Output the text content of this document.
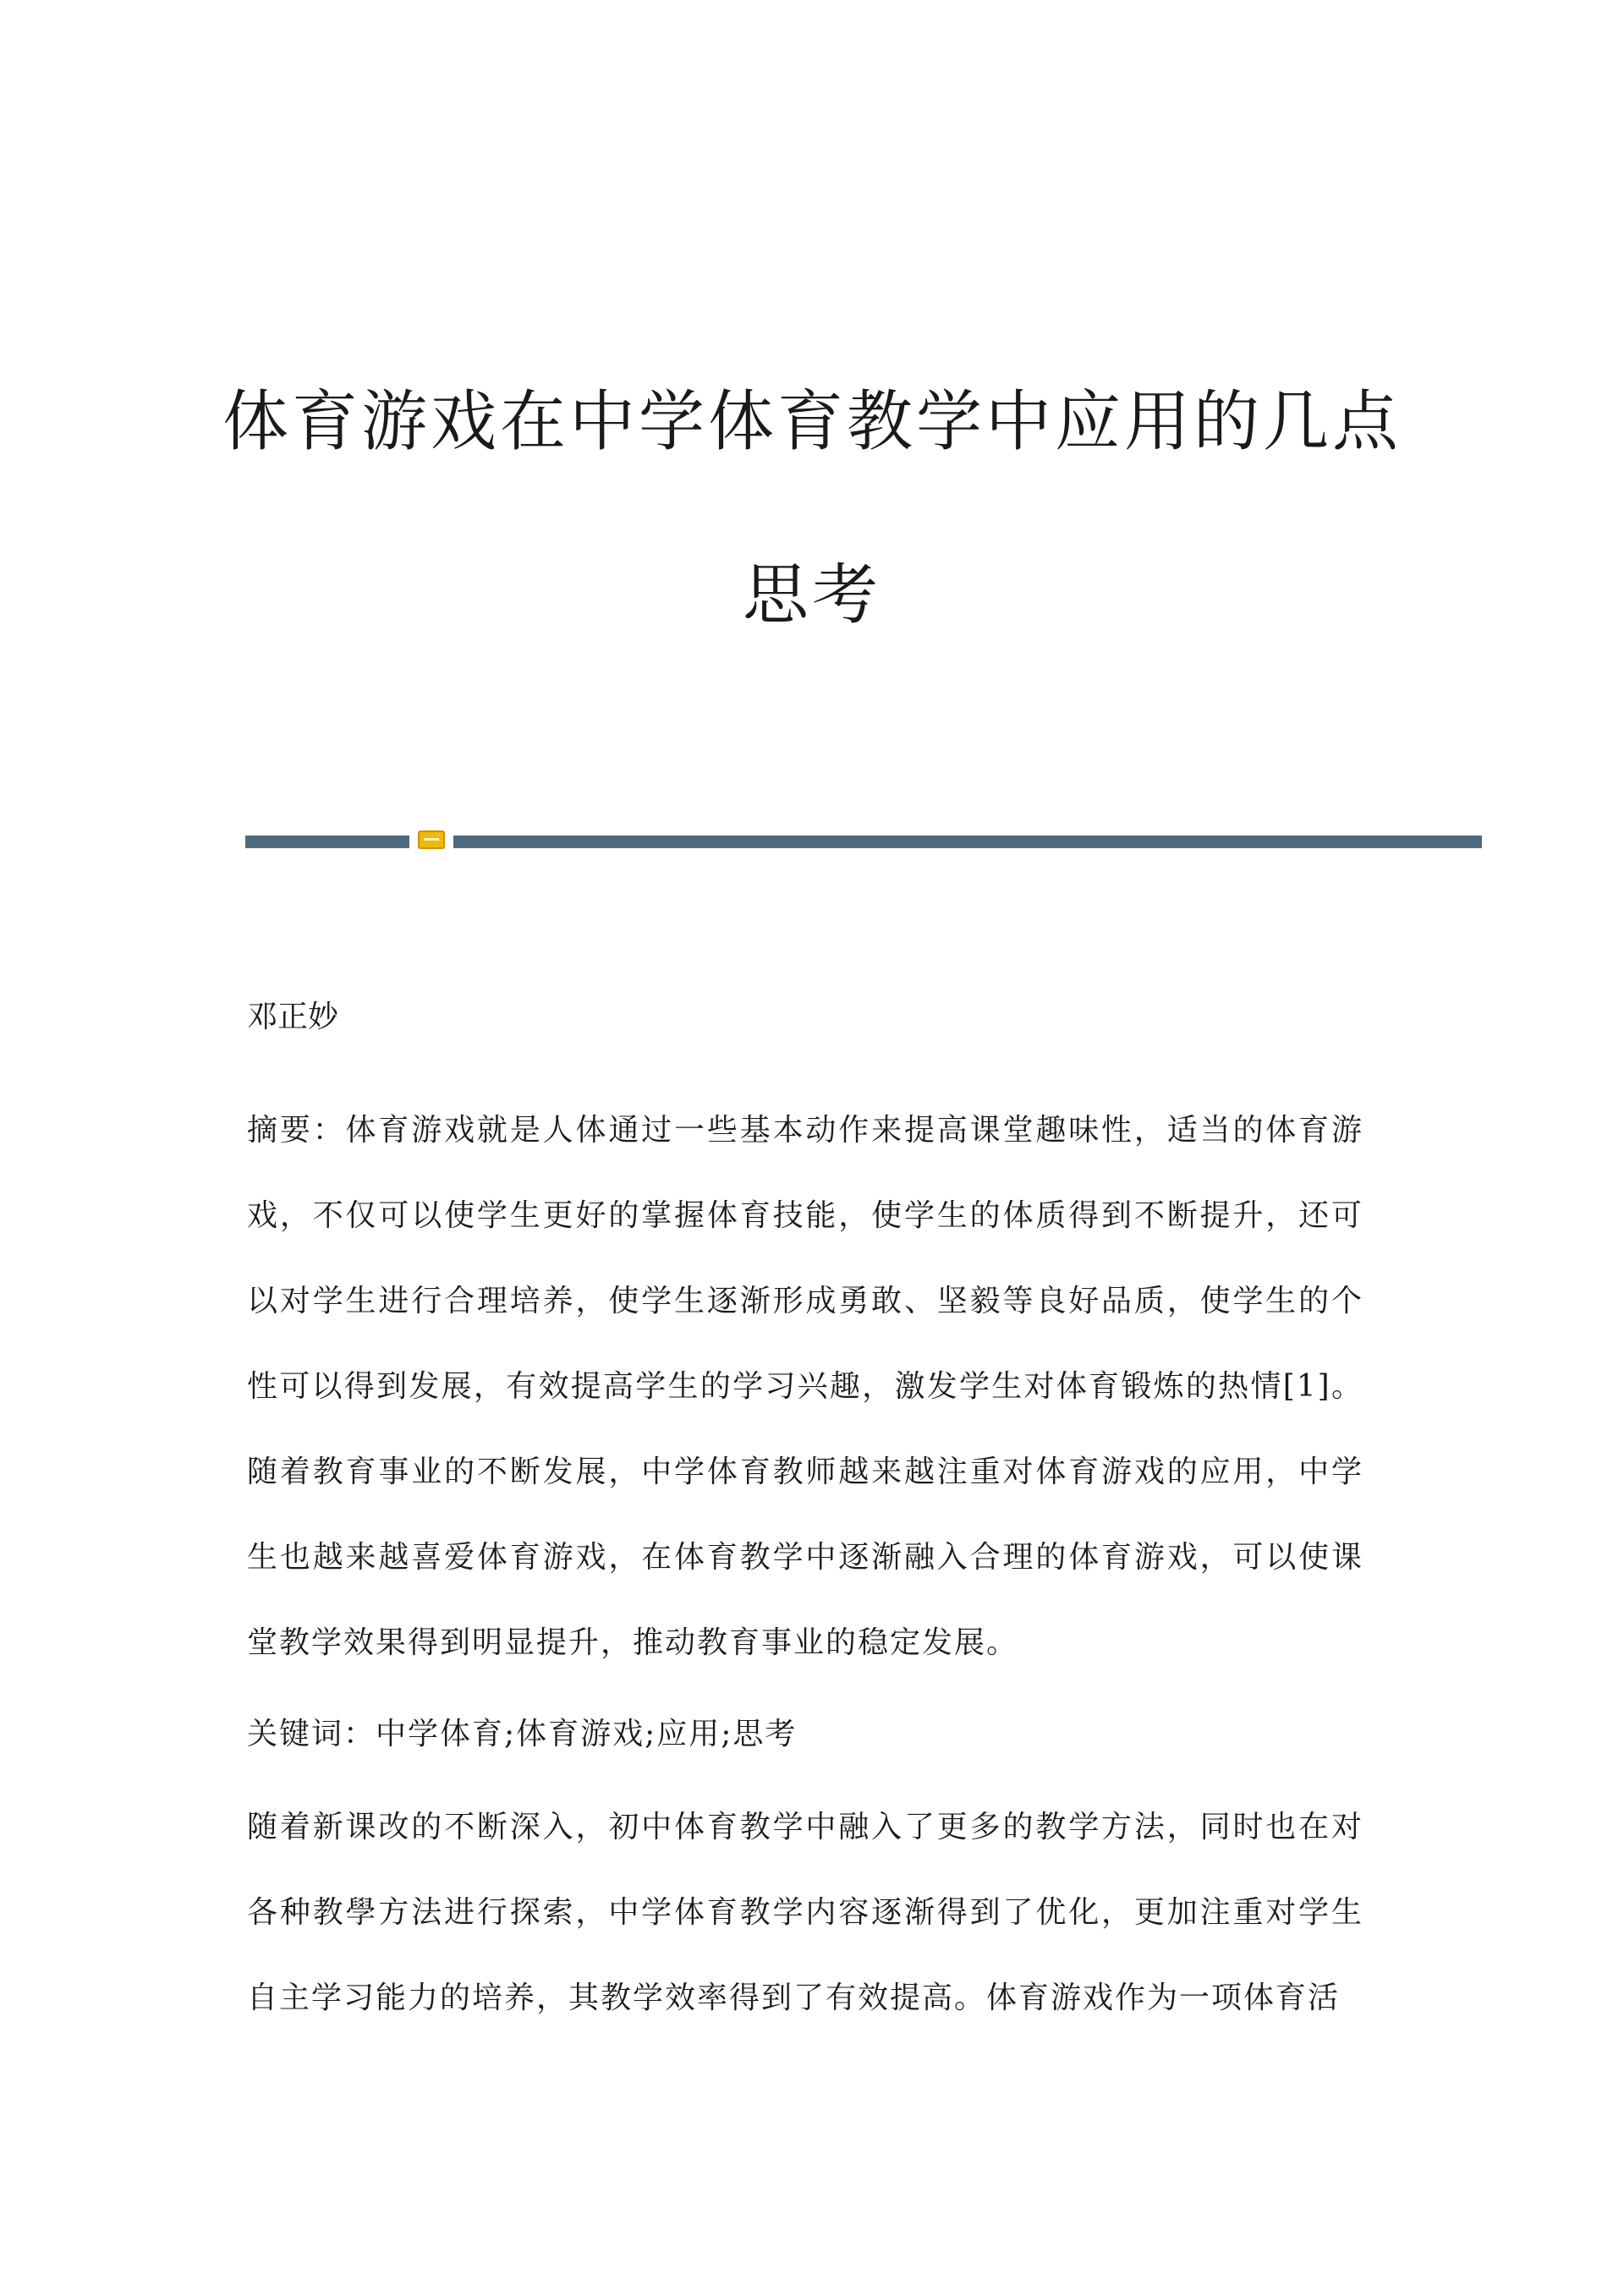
体育游戏在中学体育教学中应用的几点
思考

邓正妙

摘要：体育游戏就是人体通过一些基本动作来提高课堂趣味性，适当的体育游戏，不仅可以使学生更好的掌握体育技能，使学生的体质得到不断提升，还可以对学生进行合理培养，使学生逐渐形成勇敢、坚毅等良好品质，使学生的个性可以得到发展，有效提高学生的学习兴趣，激发学生对体育锻炼的热情[1]。随着教育事业的不断发展，中学体育教师越来越注重对体育游戏的应用，中学生也越来越喜爱体育游戏，在体育教学中逐渐融入合理的体育游戏，可以使课堂教学效果得到明显提升，推动教育事业的稳定发展。

关键词：中学体育;体育游戏;应用;思考

随着新课改的不断深入，初中体育教学中融入了更多的教学方法，同时也在对各种教學方法进行探索，中学体育教学内容逐渐得到了优化，更加注重对学生自主学习能力的培养，其教学效率得到了有效提高。体育游戏作为一项体育活
